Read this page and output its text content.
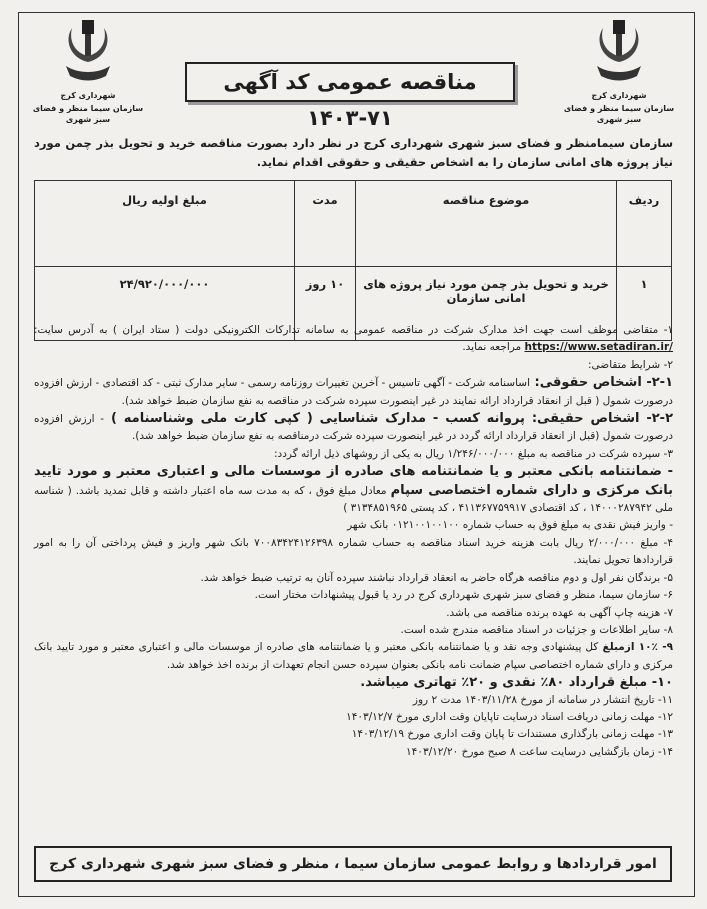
شهرداری کرج
سازمان سیما منظر و فضای سبز شهری
شهرداری کرج
سازمان سیما منظر و فضای سبز شهری
مناقصه عمومی کد آگهی ۷۱-۱۴۰۳
سازمان سیمامنظر و فضای سبز شهری شهرداری کرج در نظر دارد بصورت مناقصه خرید و تحویل بذر چمن مورد نیاز پروژه های امانی سازمان را به اشخاص حقیقی و حقوقی اقدام نماید.
ردیف	موضوع مناقصه	مدت	مبلغ اولیه ریال
۱	خرید و تحویل بذر چمن مورد نیاز پروژه های امانی سازمان	۱۰ روز	۲۴/۹۲۰/۰۰۰/۰۰۰

۱- متقاضی موظف است جهت اخذ مدارک شرکت در مناقصه عمومی به سامانه تدارکات الکترونیکی دولت ( ستاد ایران ) به آدرس سایت: https://www.setadiran.ir/ مراجعه نماید.

۲- شرایط متقاضی:

۲-۱- اشخاص حقوقی: اساسنامه شرکت - آگهی تاسیس - آخرین تغییرات روزنامه رسمی - سایر مدارک ثبتی - کد اقتصادی - ارزش افزوده درصورت شمول ( قبل از انعقاد قرارداد ارائه نمایند در غیر اینصورت سپرده شرکت در مناقصه به نفع سازمان ضبط خواهد شد).

۲-۲- اشخاص حقیقی: پروانه کسب - مدارک شناسایی ( کپی کارت ملی وشناسنامه ) - ارزش افزوده درصورت شمول (قبل از انعقاد قرارداد ارائه گردد در غیر اینصورت سپرده شرکت درمناقصه به نفع سازمان ضبط خواهد شد).

۳- سپرده شرکت در مناقصه به مبلغ ۱/۲۴۶/۰۰۰/۰۰۰ ریال به یکی از روشهای ذیل ارائه گردد:

- ضمانتنامه بانکی معتبر و یا ضمانتنامه های صادره از موسسات مالی و اعتباری معتبر و مورد تایید بانک مرکزی و دارای شماره اختصاصی سپام معادل مبلغ فوق ، که به مدت سه ماه اعتبار داشته و قابل تمدید باشد. ( شناسه ملی ۱۴۰۰۰۲۸۷۹۴۲ ، کد اقتصادی ۴۱۱۳۶۷۷۵۹۹۱۷ ، کد پستی ۳۱۳۴۸۵۱۹۶۵ )

- واریز فیش نقدی به مبلغ فوق به حساب شماره ۰۱۲۱۰۰۱۰۰۱۰۰ بانک شهر

۴- مبلغ ۲/۰۰۰/۰۰۰ ریال بابت هزینه خرید اسناد مناقصه به حساب شماره ۷۰۰۸۳۴۲۴۱۲۶۳۹۸ بانک شهر واریز و فیش پرداختی آن را به امور قراردادها تحویل نمایند.

۵- برندگان نفر اول و دوم مناقصه هرگاه حاضر به انعقاد قرارداد نباشند سپرده آنان به ترتیب ضبط خواهد شد.

۶- سازمان سیما، منظر و فضای سبز شهری شهرداری کرج در رد یا قبول پیشنهادات مختار است.

۷- هزینه چاپ آگهی به عهده برنده مناقصه می باشد.

۸- سایر اطلاعات و جزئیات در اسناد مناقصه مندرج شده است.

۹- ۱۰٪ ازمبلغ کل پیشنهادی وجه نقد و یا ضمانتنامه بانکی معتبر و یا ضمانتنامه های صادره از موسسات مالی و اعتباری معتبر و مورد تایید بانک مرکزی و دارای شماره اختصاصی سپام ضمانت نامه بانکی بعنوان سپرده حسن انجام تعهدات از برنده اخذ خواهد شد.

۱۰- مبلغ قرارداد ۸۰٪ نقدی و ۲۰٪ تهاتری میباشد.

۱۱- تاریخ انتشار در سامانه از مورخ ۱۴۰۳/۱۱/۲۸ مدت ۲ روز

۱۲- مهلت زمانی دریافت اسناد درسایت تاپایان وقت اداری مورخ ۱۴۰۳/۱۲/۷

۱۳- مهلت زمانی بارگذاری مستندات تا پایان وقت اداری مورخ ۱۴۰۳/۱۲/۱۹

۱۴- زمان بازگشایی درسایت ساعت ۸ صبح مورخ ۱۴۰۳/۱۲/۲۰

امور قراردادها و روابط عمومی سازمان سیما ، منظر و فضای سبز شهری شهرداری کرج
